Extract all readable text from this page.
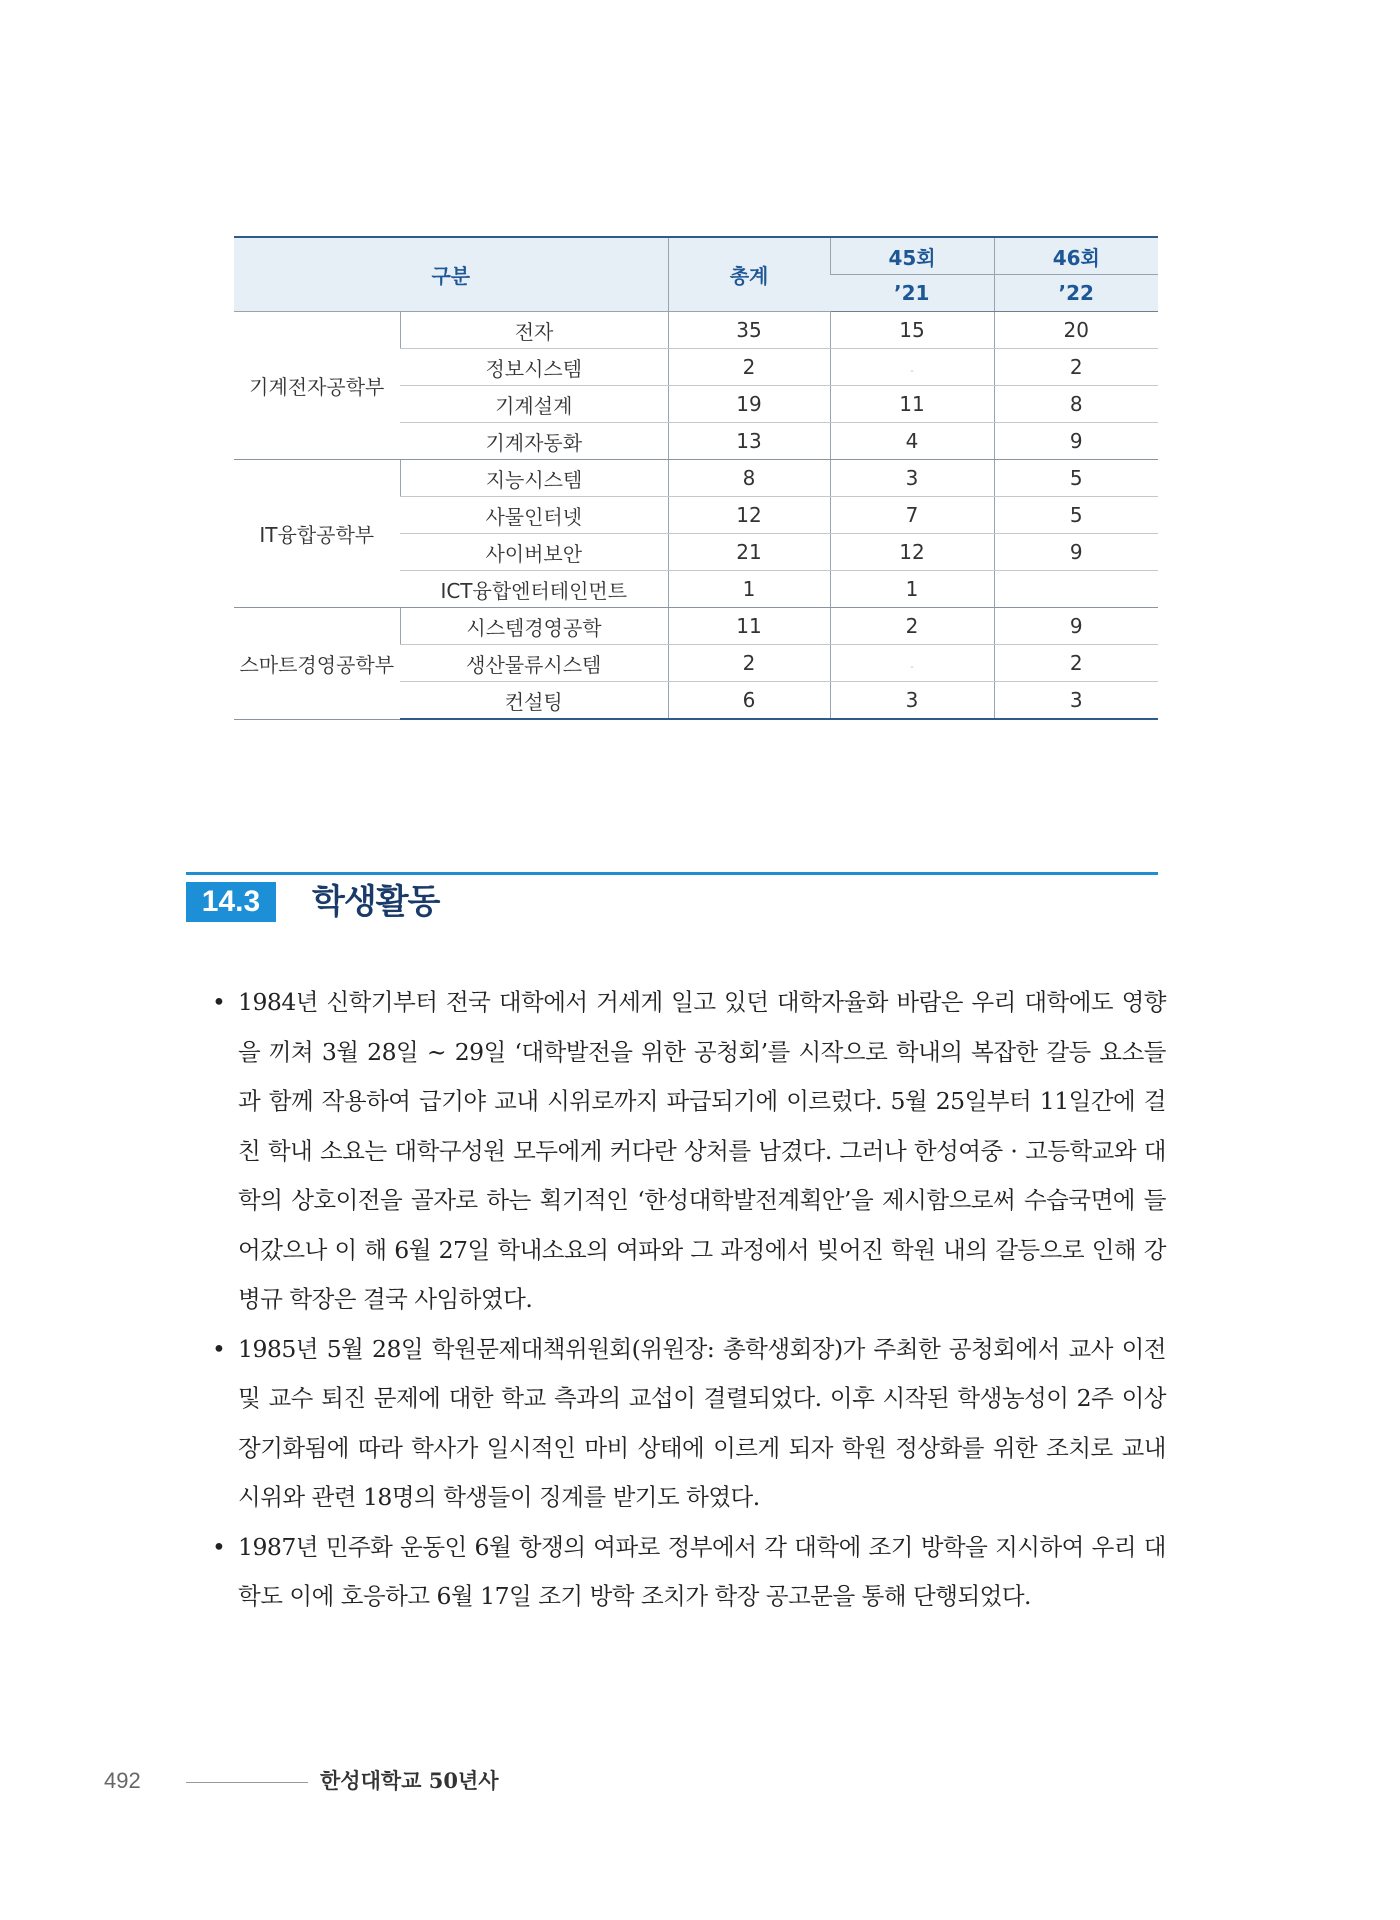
구분		총계	45회	46회
			’21	’22
기계전자공학부	전자	35	15	20
	정보시스템	2	-	2
	기계설계	19	11	8
	기계자동화	13	4	9
IT융합공학부	지능시스템	8	3	5
	사물인터넷	12	7	5
	사이버보안	21	12	9
	ICT융합엔터테인먼트	1	1	
스마트경영공학부	시스템경영공학	11	2	9
	생산물류시스템	2	-	2
	컨설팅	6	3	3
14.3	학생활동

• 1984년 신학기부터 전국 대학에서 거세게 일고 있던 대학자율화 바람은 우리 대학에도 영향을 끼쳐 3월 28일 ~ 29일 ‘대학발전을 위한 공청회’를 시작으로 학내의 복잡한 갈등 요소들과 함께 작용하여 급기야 교내 시위로까지 파급되기에 이르렀다. 5월 25일부터 11일간에 걸친 학내 소요는 대학구성원 모두에게 커다란 상처를 남겼다. 그러나 한성여중 · 고등학교와 대학의 상호이전을 골자로 하는 획기적인 ‘한성대학발전계획안’을 제시함으로써 수습국면에 들어갔으나 이 해 6월 27일 학내소요의 여파와 그 과정에서 빚어진 학원 내의 갈등으로 인해 강병규 학장은 결국 사임하였다.

• 1985년 5월 28일 학원문제대책위원회(위원장: 총학생회장)가 주최한 공청회에서 교사 이전 및 교수 퇴진 문제에 대한 학교 측과의 교섭이 결렬되었다. 이후 시작된 학생농성이 2주 이상 장기화됨에 따라 학사가 일시적인 마비 상태에 이르게 되자 학원 정상화를 위한 조치로 교내 시위와 관련 18명의 학생들이 징계를 받기도 하였다.

• 1987년 민주화 운동인 6월 항쟁의 여파로 정부에서 각 대학에 조기 방학을 지시하여 우리 대학도 이에 호응하고 6월 17일 조기 방학 조치가 학장 공고문을 통해 단행되었다.

492	한성대학교 50년사
